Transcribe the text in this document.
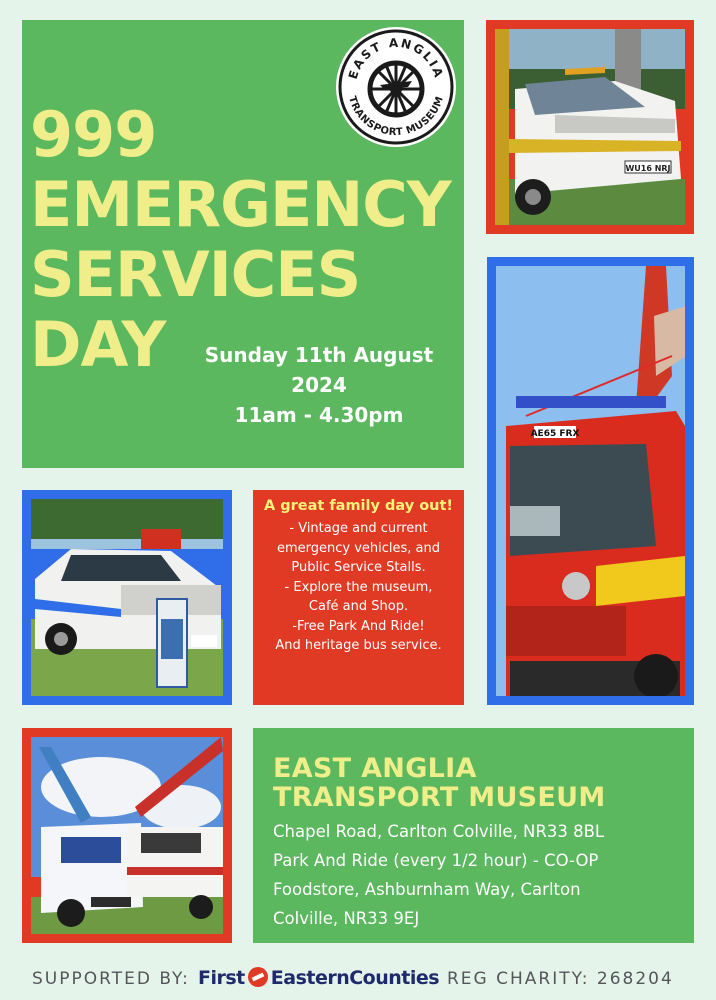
999
EMERGENCY
SERVICES
DAY	Sunday 11th August
2024
11am - 4.30pm
EAST ANGLIA
TRANSPORT MUSEUM
WU16 NRJ
AE65 FRX
A great family day out!
- Vintage and current
emergency vehicles, and
Public Service Stalls.
- Explore the museum,
Café and Shop.
-Free Park And Ride!
And heritage bus service.
EAST ANGLIA
TRANSPORT MUSEUM
Chapel Road, Carlton Colville, NR33 8BL
Park And Ride (every 1/2 hour) - CO-OP
Foodstore, Ashburnham Way, Carlton
Colville, NR33 9EJ
SUPPORTED BY: First EasternCounties REG CHARITY: 268204
